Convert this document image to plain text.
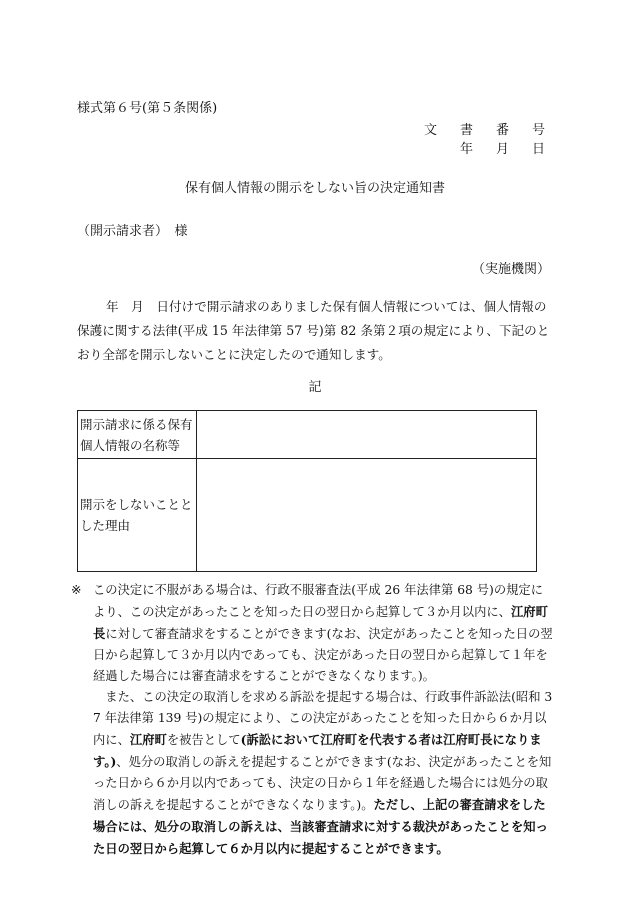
様式第６号(第５条関係)
文　書　番　号
年　月　日
保有個人情報の開示をしない旨の決定通知書
（開示請求者）　様
（実施機関）
年　月　日付けで開示請求のありました保有個人情報については、個人情報の保護に関する法律(平成 15 年法律第 57 号)第 82 条第２項の規定により、下記のとおり全部を開示しないことに決定したので通知します。
記
開示請求に係る保有個人情報の名称等	
開示をしないこととした理由	
※ この決定に不服がある場合は、行政不服審査法(平成 26 年法律第 68 号)の規定により、この決定があったことを知った日の翌日から起算して３か月以内に、江府町長に対して審査請求をすることができます(なお、決定があったことを知った日の翌日から起算して３か月以内であっても、決定があった日の翌日から起算して１年を経過した場合には審査請求をすることができなくなります。)。
また、この決定の取消しを求める訴訟を提起する場合は、行政事件訴訟法(昭和 37 年法律第 139 号)の規定により、この決定があったことを知った日から６か月以内に、江府町を被告として(訴訟において江府町を代表する者は江府町長になります。)、処分の取消しの訴えを提起することができます(なお、決定があったことを知った日から６か月以内であっても、決定の日から１年を経過した場合には処分の取消しの訴えを提起することができなくなります。)。ただし、上記の審査請求をした場合には、処分の取消しの訴えは、当該審査請求に対する裁決があったことを知った日の翌日から起算して６か月以内に提起することができます。
